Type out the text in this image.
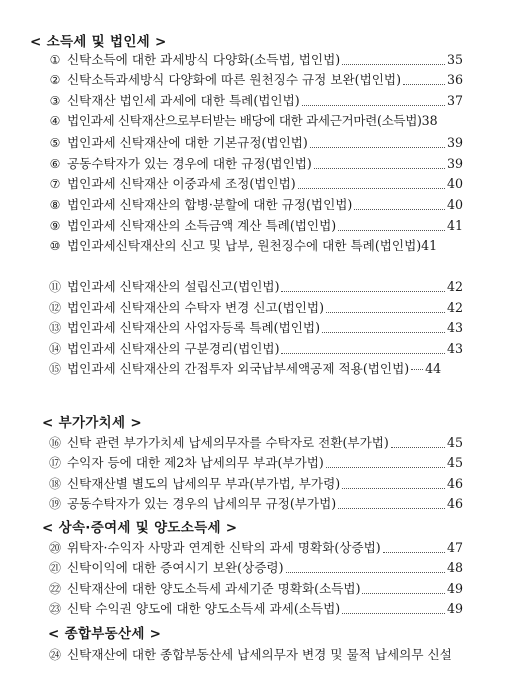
< 소득세 및 법인세 >
① 신탁소득에 대한 과세방식 다양화(소득법, 법인법)	35
② 신탁소득과세방식 다양화에 따른 원천징수 규정 보완(법인법)	36
③ 신탁재산 법인세 과세에 대한 특례(법인법)	37
④ 법인과세 신탁재산으로부터받는 배당에 대한 과세근거마련(소득법) 38
⑤ 법인과세 신탁재산에 대한 기본규정(법인법)	39
⑥ 공동수탁자가 있는 경우에 대한 규정(법인법)	39
⑦ 법인과세 신탁재산 이중과세 조정(법인법)	40
⑧ 법인과세 신탁재산의 합병·분할에 대한 규정(법인법)	40
⑨ 법인과세 신탁재산의 소득금액 계산 특례(법인법)	41
⑩ 법인과세신탁재산의 신고 및 납부, 원천징수에 대한 특례(법인법)41
⑪ 법인과세 신탁재산의 설립신고(법인법)	42
⑫ 법인과세 신탁재산의 수탁자 변경 신고(법인법)	42
⑬ 법인과세 신탁재산의 사업자등록 특례(법인법)	43
⑭ 법인과세 신탁재산의 구분경리(법인법)	43
⑮ 법인과세 신탁재산의 간접투자 외국납부세액공제 적용(법인법) 44
< 부가가치세 >
⑯ 신탁 관련 부가가치세 납세의무자를 수탁자로 전환(부가법)	45
⑰ 수익자 등에 대한 제2차 납세의무 부과(부가법)	45
⑱ 신탁재산별 별도의 납세의무 부과(부가법, 부가령)	46
⑲ 공동수탁자가 있는 경우의 납세의무 규정(부가법)	46
< 상속·증여세 및 양도소득세 >
⑳ 위탁자·수익자 사망과 연계한 신탁의 과세 명확화(상증법)	47
㉑ 신탁이익에 대한 증여시기 보완(상증령)	48
㉒ 신탁재산에 대한 양도소득세 과세기준 명확화(소득법)	49
㉓ 신탁 수익권 양도에 대한 양도소득세 과세(소득법)	49
< 종합부동산세 >
㉔ 신탁재산에 대한 종합부동산세 납세의무자 변경 및 물적 납세의무 신설
